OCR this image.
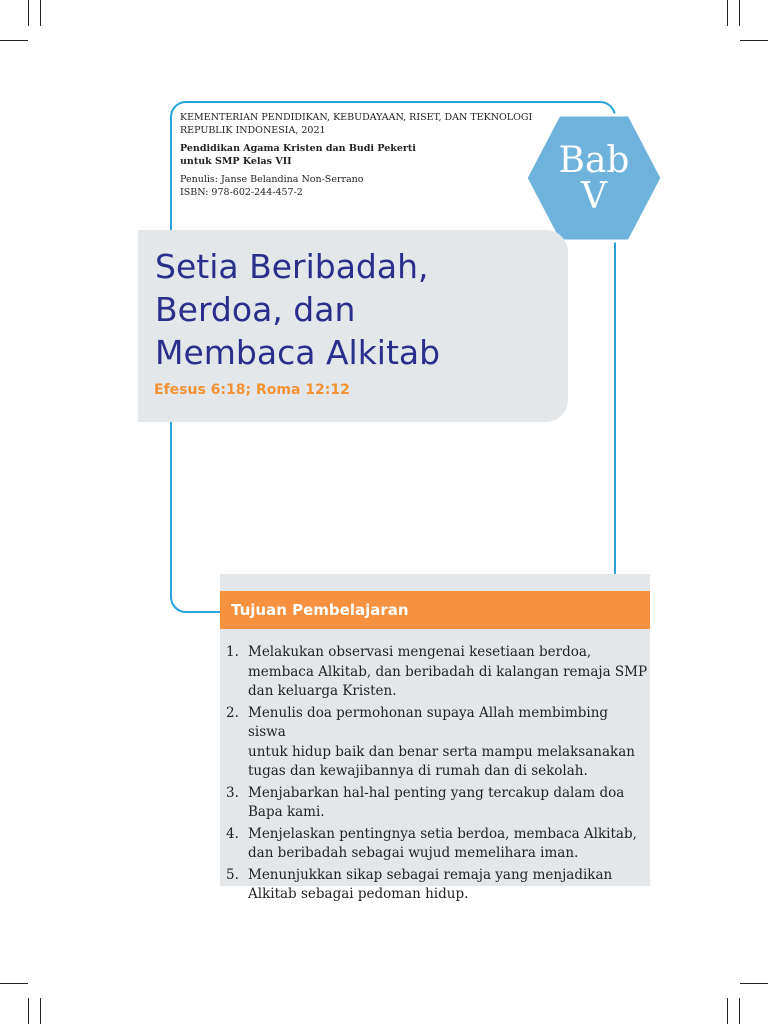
KEMENTERIAN PENDIDIKAN, KEBUDAYAAN, RISET, DAN TEKNOLOGI

REPUBLIK INDONESIA, 2021

Pendidikan Agama Kristen dan Budi Pekerti

untuk SMP Kelas VII

Penulis: Janse Belandina Non-Serrano

ISBN: 978-602-244-457-2

Bab
V
Setia Beribadah,
Berdoa, dan
Membaca Alkitab
Efesus 6:18; Roma 12:12
Tujuan Pembelajaran
1. Melakukan observasi mengenai kesetiaan berdoa,
membaca Alkitab, dan beribadah di kalangan remaja SMP
dan keluarga Kristen.
2. Menulis doa permohonan supaya Allah membimbing siswa
untuk hidup baik dan benar serta mampu melaksanakan
tugas dan kewajibannya di rumah dan di sekolah.
3. Menjabarkan hal-hal penting yang tercakup dalam doa
Bapa kami.
4. Menjelaskan pentingnya setia berdoa, membaca Alkitab,
dan beribadah sebagai wujud memelihara iman.
5. Menunjukkan sikap sebagai remaja yang menjadikan
Alkitab sebagai pedoman hidup.
